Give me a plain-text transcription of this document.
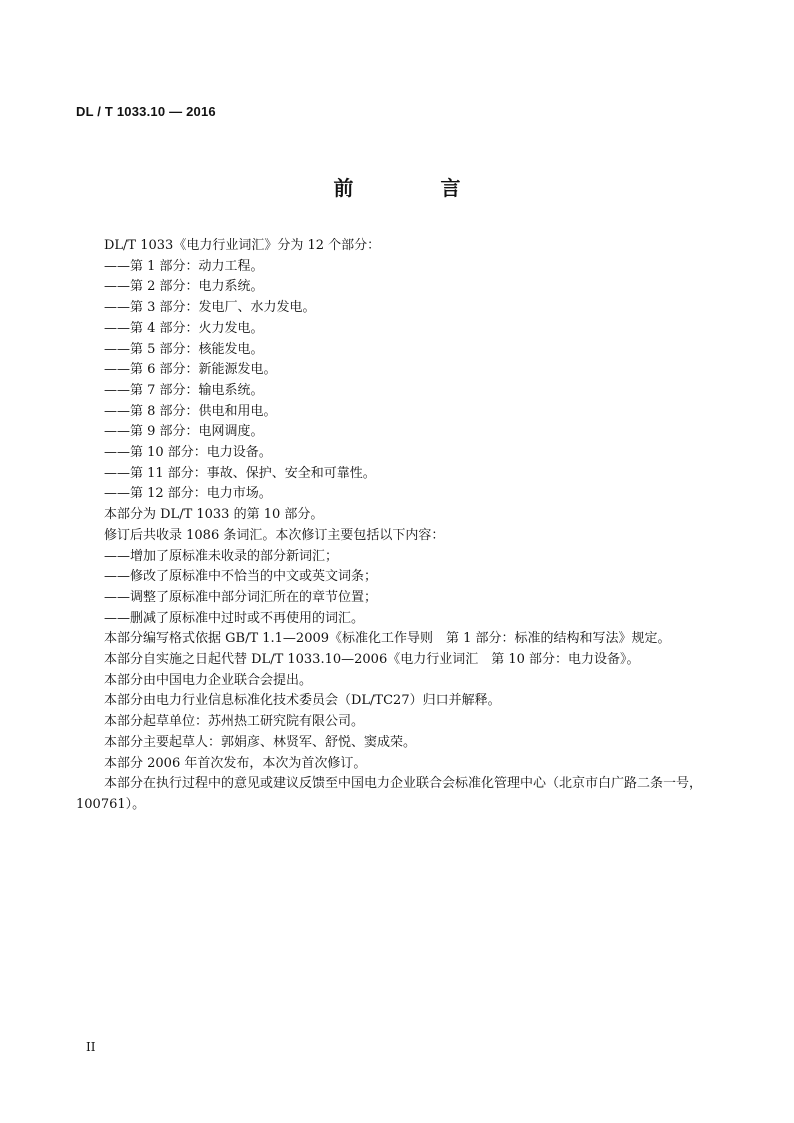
DL / T 1033.10 — 2016
前 言

DL/T 1033《电力行业词汇》分为 12 个部分：

——第 1 部分：动力工程。

——第 2 部分：电力系统。

——第 3 部分：发电厂、水力发电。

——第 4 部分：火力发电。

——第 5 部分：核能发电。

——第 6 部分：新能源发电。

——第 7 部分：输电系统。

——第 8 部分：供电和用电。

——第 9 部分：电网调度。

——第 10 部分：电力设备。

——第 11 部分：事故、保护、安全和可靠性。

——第 12 部分：电力市场。

本部分为 DL/T 1033 的第 10 部分。

修订后共收录 1086 条词汇。本次修订主要包括以下内容：

——增加了原标准未收录的部分新词汇；

——修改了原标准中不恰当的中文或英文词条；

——调整了原标准中部分词汇所在的章节位置；

——删减了原标准中过时或不再使用的词汇。

本部分编写格式依据 GB/T 1.1—2009《标准化工作导则　第 1 部分：标准的结构和写法》规定。

本部分自实施之日起代替 DL/T 1033.10—2006《电力行业词汇　第 10 部分：电力设备》。

本部分由中国电力企业联合会提出。

本部分由电力行业信息标准化技术委员会（DL/TC27）归口并解释。

本部分起草单位：苏州热工研究院有限公司。

本部分主要起草人：郭娟彦、林贤军、舒悦、窦成荣。

本部分 2006 年首次发布，本次为首次修订。

本部分在执行过程中的意见或建议反馈至中国电力企业联合会标准化管理中心（北京市白广路二条一号，100761）。

II
